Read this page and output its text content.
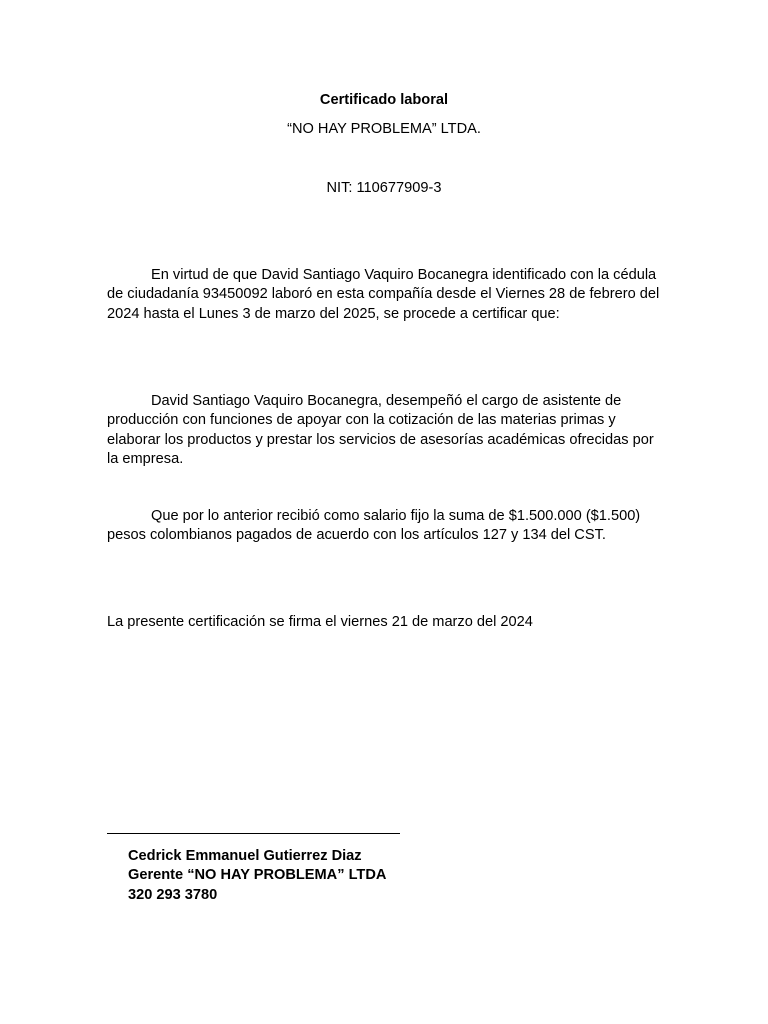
Certificado laboral
“NO HAY PROBLEMA” LTDA.
NIT: 110677909-3

En virtud de que David Santiago Vaquiro Bocanegra identificado con la cédula de ciudadanía 93450092 laboró en esta compañía desde el Viernes 28 de febrero del 2024 hasta el Lunes 3 de marzo del 2025, se procede a certificar que:

David Santiago Vaquiro Bocanegra, desempeñó el cargo de asistente de producción con funciones de apoyar con la cotización de las materias primas y elaborar los productos y prestar los servicios de asesorías académicas ofrecidas por la empresa.

Que por lo anterior recibió como salario fijo la suma de $1.500.000 ($1.500) pesos colombianos pagados de acuerdo con los artículos 127 y 134 del CST.

La presente certificación se firma el viernes 21 de marzo del 2024

Cedrick Emmanuel Gutierrez Diaz
Gerente “NO HAY PROBLEMA” LTDA
320 293 3780
